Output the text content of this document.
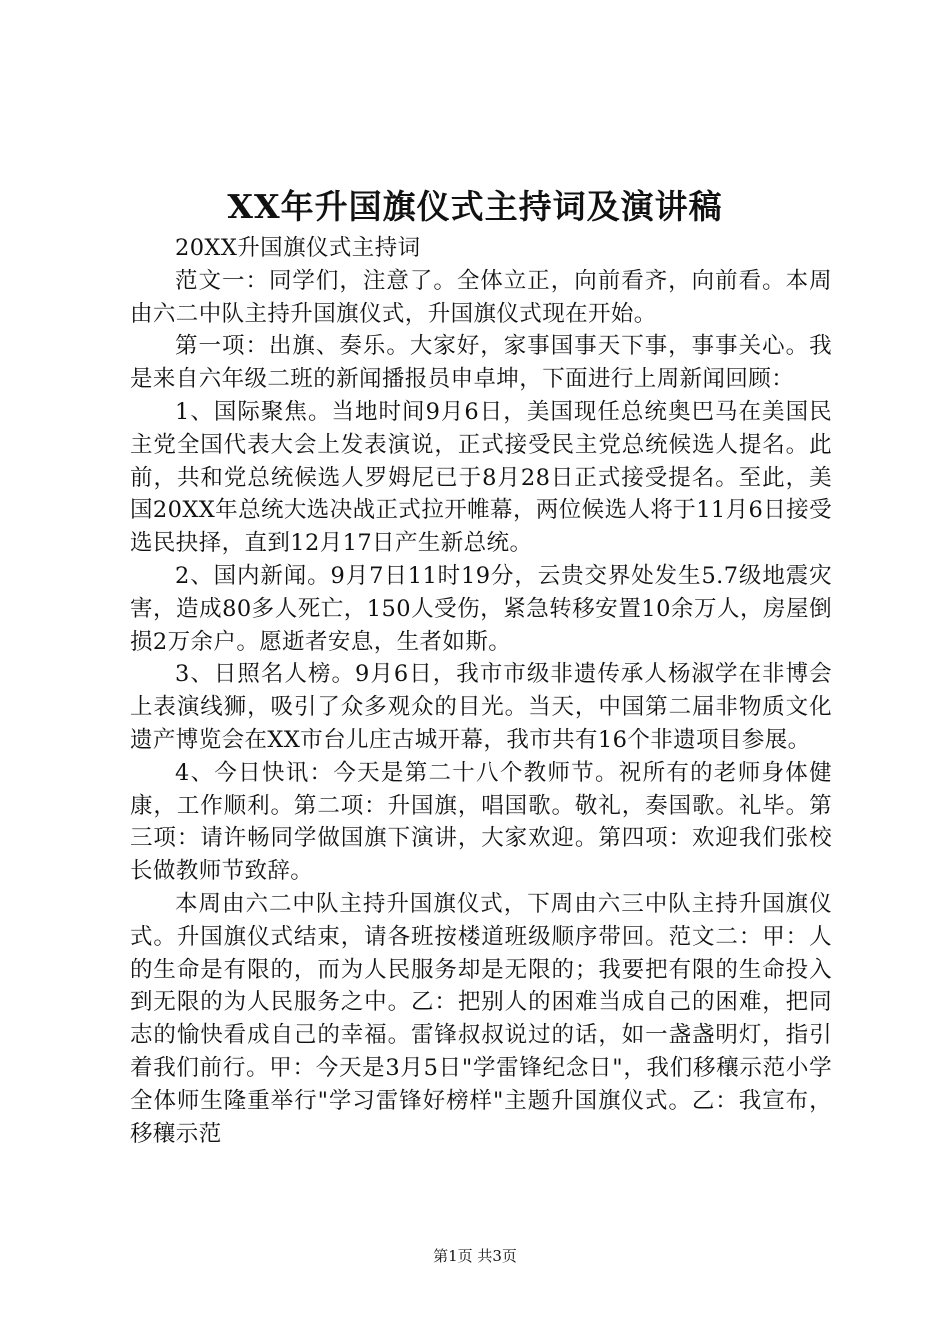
XX年升国旗仪式主持词及演讲稿

20XX升国旗仪式主持词

范文一：同学们，注意了。全体立正，向前看齐，向前看。本周由六二中队主持升国旗仪式，升国旗仪式现在开始。

第一项：出旗、奏乐。大家好，家事国事天下事，事事关心。我是来自六年级二班的新闻播报员申卓坤，下面进行上周新闻回顾：

1、国际聚焦。当地时间9月6日，美国现任总统奥巴马在美国民主党全国代表大会上发表演说，正式接受民主党总统候选人提名。此前，共和党总统候选人罗姆尼已于8月28日正式接受提名。至此，美国20XX年总统大选决战正式拉开帷幕，两位候选人将于11月6日接受选民抉择，直到12月17日产生新总统。

2、国内新闻。9月7日11时19分，云贵交界处发生5.7级地震灾害，造成80多人死亡，150人受伤，紧急转移安置10余万人，房屋倒损2万余户。愿逝者安息，生者如斯。

3、日照名人榜。9月6日，我市市级非遗传承人杨淑学在非博会上表演线狮，吸引了众多观众的目光。当天，中国第二届非物质文化遗产博览会在XX市台儿庄古城开幕，我市共有16个非遗项目参展。

4、今日快讯：今天是第二十八个教师节。祝所有的老师身体健康，工作顺利。第二项：升国旗，唱国歌。敬礼，奏国歌。礼毕。第三项：请许畅同学做国旗下演讲，大家欢迎。第四项：欢迎我们张校长做教师节致辞。

本周由六二中队主持升国旗仪式，下周由六三中队主持升国旗仪式。升国旗仪式结束，请各班按楼道班级顺序带回。范文二：甲：人的生命是有限的，而为人民服务却是无限的；我要把有限的生命投入到无限的为人民服务之中。乙：把别人的困难当成自己的困难，把同志的愉快看成自己的幸福。雷锋叔叔说过的话，如一盏盏明灯，指引着我们前行。甲：今天是3月5日"学雷锋纪念日"，我们移穰示范小学全体师生隆重举行"学习雷锋好榜样"主题升国旗仪式。乙：我宣布，移穰示范

第1页 共3页
